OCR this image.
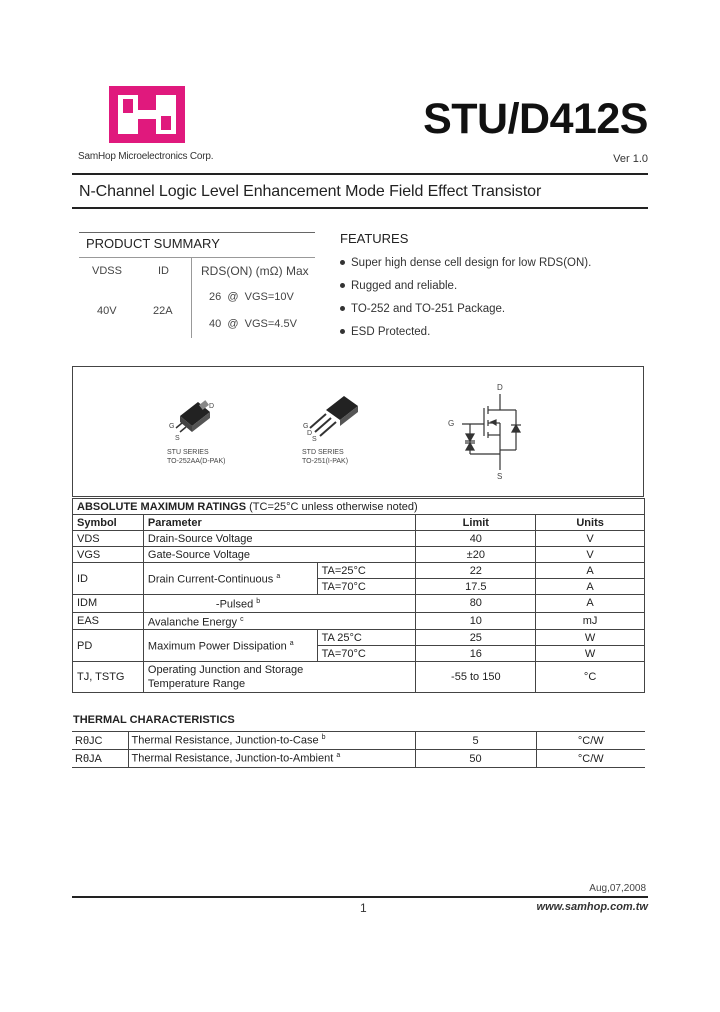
SamHop Microelectronics Corp.
STU/D412S
Ver 1.0
N-Channel Logic Level Enhancement Mode Field Effect Transistor
PRODUCT SUMMARY
VDSS	ID	RDS(ON) (mΩ) Max
40V	22A
26  @  VGS=10V
40  @  VGS=4.5V
FEATURES
Super high dense cell design for low RDS(ON).
Rugged and reliable.
TO-252 and TO-251 Package.
ESD Protected.
D
G
S
STU SERIES
TO-252AA(D-PAK)
G
D
S
STD SERIES
TO-251(I-PAK)
D
G
S
ABSOLUTE MAXIMUM RATINGS (TC=25°C unless otherwise noted)				
Symbol	Parameter		Limit	Units
VDS	Drain-Source Voltage		40	V
VGS	Gate-Source Voltage		±20	V
ID	Drain Current-Continuous $^a$	TA=25°C	22	A
		TA=70°C	17.5	A
IDM	-Pulsed $^b$		80	A
EAS	Avalanche Energy $^c$		10	mJ
PD	Maximum Power Dissipation $^a$	TA 25°C	25	W
		TA=70°C	16	W
TJ, TSTG	Operating Junction and Storage
Temperature Range		-55 to 150	°C
THERMAL CHARACTERISTICS
RθJC	Thermal Resistance, Junction-to-Case $^b$	5	°C/W
RθJA	Thermal Resistance, Junction-to-Ambient $^a$	50	°C/W
Aug,07,2008
1	www.samhop.com.tw
